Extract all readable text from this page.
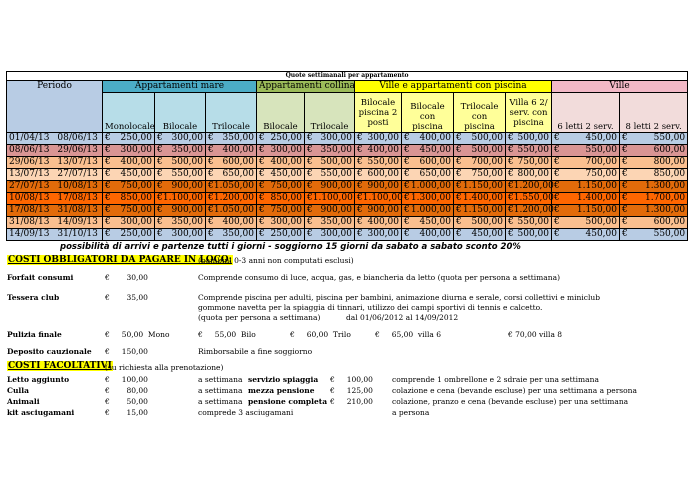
Quote settimanali per appartamento											
Periodo	Appartamenti mare			Appartamenti collina		Ville e appartamenti con piscina				Ville	
	Monolocale	Bilocale	Trilocale	Bilocale	Trilocale	Bilocale piscina 2 posti	Bilocale con piscina	Trilocale con piscina	Villa 6 2/ serv. con piscina	6 letti 2 serv.	8 letti 2 serv.
01/04/13 08/06/13	€ 250,00	€ 300,00	€ 350,00	€ 250,00	€ 300,00	€ 300,00	€ 400,00	€ 500,00	€ 500,00	€ 450,00	€ 550,00

08/06/13 29/06/13	€ 300,00	€ 350,00	€ 400,00	€ 300,00	€ 350,00	€ 400,00	€ 450,00	€ 500,00	€ 550,00	€ 550,00	€ 600,00

29/06/13 13/07/13	€ 400,00	€ 500,00	€ 600,00	€ 400,00	€ 500,00	€ 550,00	€ 600,00	€ 700,00	€ 750,00	€ 700,00	€ 800,00

13/07/13 27/07/13	€ 450,00	€ 550,00	€ 650,00	€ 450,00	€ 550,00	€ 600,00	€ 650,00	€ 750,00	€ 800,00	€ 750,00	€ 850,00

27/07/13 10/08/13	€ 750,00	€ 900,00	€ 1.050,00	€ 750,00	€ 900,00	€ 900,00	€ 1.000,00	€ 1.150,00	€ 1.200,00	€ 1.150,00	€ 1.300,00

10/08/13 17/08/13	€ 850,00	€ 1.100,00	€ 1.200,00	€ 850,00	€ 1.100,00	€ 1.100,00	€ 1.300,00	€ 1.400,00	€ 1.550,00	€ 1.400,00	€ 1.700,00

17/08/13 31/08/13	€ 750,00	€ 900,00	€ 1.050,00	€ 750,00	€ 900,00	€ 900,00	€ 1.000,00	€ 1.150,00	€ 1.200,00	€ 1.150,00	€ 1.300,00

31/08/13 14/09/13	€ 300,00	€ 350,00	€ 400,00	€ 300,00	€ 350,00	€ 400,00	€ 450,00	€ 500,00	€ 550,00	€ 500,00	€ 600,00

14/09/13 31/10/13	€ 250,00	€ 300,00	€ 350,00	€ 250,00	€ 300,00	€ 300,00	€ 400,00	€ 450,00	€ 500,00	€ 450,00	€ 550,00
possibilità di arrivi e partenze tutti i giorni - soggiorno 15 giorni da sabato a sabato sconto 20%
COSTI OBBLIGATORI DA PAGARE IN LOCO:
(bambini 0-3 anni non computati esclusi)
Forfait consumi	€       30,00	Comprende consumo di luce, acqua, gas, e biancheria da letto (quota per persona a settimana)
Tessera club	€       35,00	Comprende piscina per adulti, piscina per bambini, animazione diurna e serale, corsi collettivi e miniclub
gommone navetta per la spiaggia di tinnari, utilizzo dei campi sportivi di tennis e calcetto.
(quota per persona a settimana)	dal 01/06/2012 al 14/09/2012
Pulizia finale	€     50,00  Mono	€     55,00  Bilo	€     60,00  Trilo	€     65,00  villa 6	€ 70,00 villa 8
Deposito cauzionale €     150,00	Rimborsabile a fine soggiorno
COSTI FACOLTATIVI
(su richiesta alla prenotazione)
Letto aggiunto	€     100,00	a settimana
Culla	€       80,00	a settimana
Animali	€       50,00	a settimana
kit asciugamani	€       15,00	comprede 3 asciugamani
servizio spiaggia €     100,00	comprende 1 ombrellone e 2 sdraie per una settimana
mezza pensione €     125,00	colazione e cena (bevande escluse) per una settimana a persona
pensione completa €     210,00	colazione, pranzo e cena (bevande escluse) per una settimana
a persona
